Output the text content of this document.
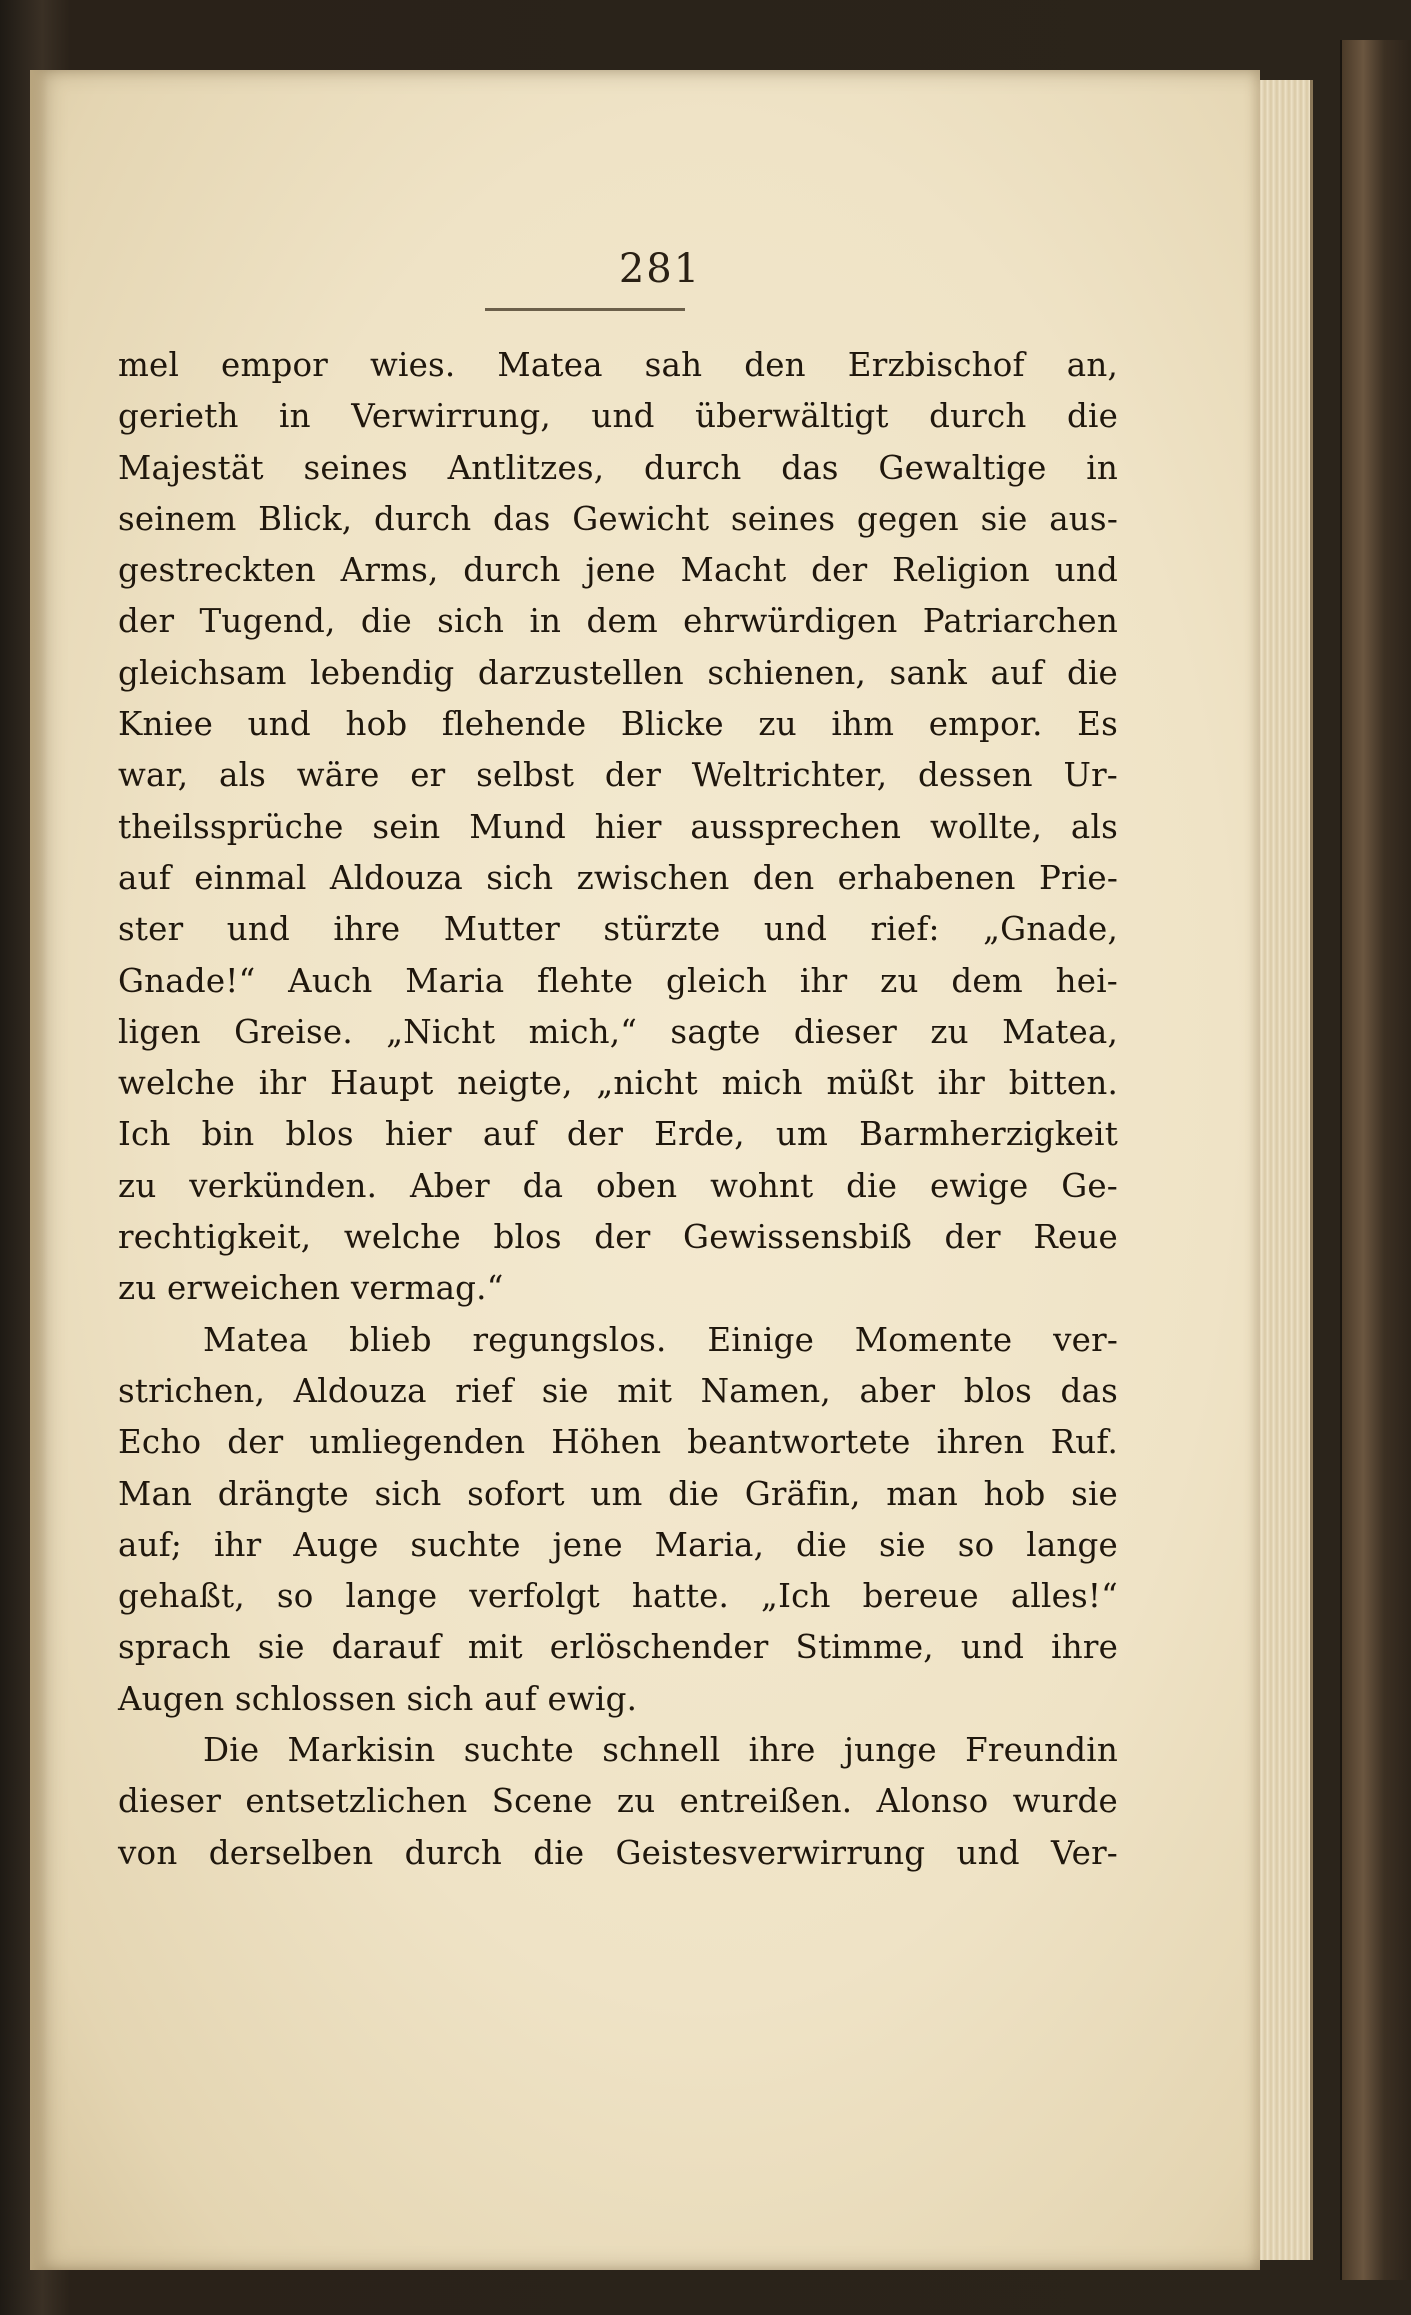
281
mel empor wies. Matea sah den Erzbischof an,
gerieth in Verwirrung, und überwältigt durch die
Majestät seines Antlitzes, durch das Gewaltige in
seinem Blick, durch das Gewicht seines gegen sie aus-
gestreckten Arms, durch jene Macht der Religion und
der Tugend, die sich in dem ehrwürdigen Patriarchen
gleichsam lebendig darzustellen schienen, sank auf die
Kniee und hob flehende Blicke zu ihm empor. Es
war, als wäre er selbst der Weltrichter, dessen Ur-
theilssprüche sein Mund hier aussprechen wollte, als
auf einmal Aldouza sich zwischen den erhabenen Prie-
ster und ihre Mutter stürzte und rief: „Gnade,
Gnade!“ Auch Maria flehte gleich ihr zu dem hei-
ligen Greise. „Nicht mich,“ sagte dieser zu Matea,
welche ihr Haupt neigte, „nicht mich müßt ihr bitten.
Ich bin blos hier auf der Erde, um Barmherzigkeit
zu verkünden. Aber da oben wohnt die ewige Ge-
rechtigkeit, welche blos der Gewissensbiß der Reue
zu erweichen vermag.“
Matea blieb regungslos. Einige Momente ver-
strichen, Aldouza rief sie mit Namen, aber blos das
Echo der umliegenden Höhen beantwortete ihren Ruf.
Man drängte sich sofort um die Gräfin, man hob sie
auf; ihr Auge suchte jene Maria, die sie so lange
gehaßt, so lange verfolgt hatte. „Ich bereue alles!“
sprach sie darauf mit erlöschender Stimme, und ihre
Augen schlossen sich auf ewig.
Die Markisin suchte schnell ihre junge Freundin
dieser entsetzlichen Scene zu entreißen. Alonso wurde
von derselben durch die Geistesverwirrung und Ver-
